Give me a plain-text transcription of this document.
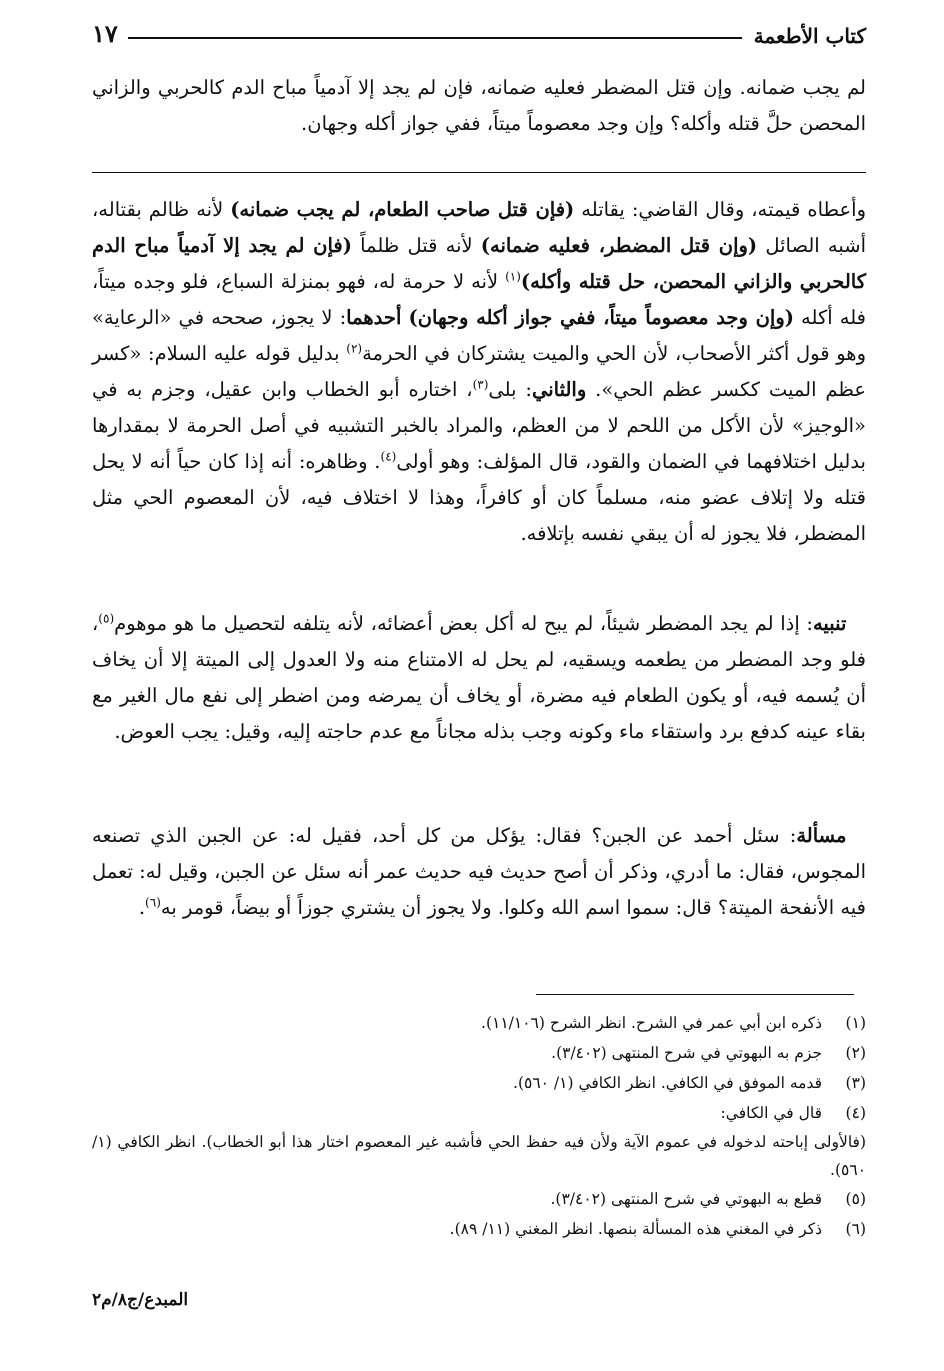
كتاب الأطعمة
١٧

لم يجب ضمانه. وإن قتل المضطر فعليه ضمانه، فإن لم يجد إلا آدمياً مباح الدم كالحربي والزاني المحصن حلَّ قتله وأكله؟ وإن وجد معصوماً ميتاً، ففي جواز أكله وجهان.

وأعطاه قيمته، وقال القاضي: يقاتله (فإن قتل صاحب الطعام، لم يجب ضمانه) لأنه ظالم بقتاله، أشبه الصائل (وإن قتل المضطر، فعليه ضمانه) لأنه قتل ظلماً (فإن لم يجد إلا آدمياً مباح الدم كالحربي والزاني المحصن، حل قتله وأكله)$^{(١)}$ لأنه لا حرمة له، فهو بمنزلة السباع، فلو وجده ميتاً، فله أكله (وإن وجد معصوماً ميتاً، ففي جواز أكله وجهان) أحدهما: لا يجوز، صححه في «الرعاية» وهو قول أكثر الأصحاب، لأن الحي والميت يشتركان في الحرمة$^{(٢)}$ بدليل قوله عليه السلام: «كسر عظم الميت ككسر عظم الحي». والثاني: بلى$^{(٣)}$، اختاره أبو الخطاب وابن عقيل، وجزم به في «الوجيز» لأن الأكل من اللحم لا من العظم، والمراد بالخبر التشبيه في أصل الحرمة لا بمقدارها بدليل اختلافهما في الضمان والقود، قال المؤلف: وهو أولى$^{(٤)}$. وظاهره: أنه إذا كان حياً أنه لا يحل قتله ولا إتلاف عضو منه، مسلماً كان أو كافراً، وهذا لا اختلاف فيه، لأن المعصوم الحي مثل المضطر، فلا يجوز له أن يبقي نفسه بإتلافه.

 تنبيه: إذا لم يجد المضطر شيئاً، لم يبح له أكل بعض أعضائه، لأنه يتلفه لتحصيل ما هو موهوم$^{(٥)}$، فلو وجد المضطر من يطعمه ويسقيه، لم يحل له الامتناع منه ولا العدول إلى الميتة إلا أن يخاف أن يُسمه فيه، أو يكون الطعام فيه مضرة، أو يخاف أن يمرضه ومن اضطر إلى نفع مال الغير مع بقاء عينه كدفع برد واستقاء ماء وكونه وجب بذله مجاناً مع عدم حاجته إليه، وقيل: يجب العوض.

 مسألة: سئل أحمد عن الجبن؟ فقال: يؤكل من كل أحد، فقيل له: عن الجبن الذي تصنعه المجوس، فقال: ما أدري، وذكر أن أصح حديث فيه حديث عمر أنه سئل عن الجبن، وقيل له: تعمل فيه الأنفحة الميتة؟ قال: سموا اسم الله وكلوا. ولا يجوز أن يشتري جوزاً أو بيضاً، قومر به$^{(٦)}$.

(١)
ذكره ابن أبي عمر في الشرح. انظر الشرح (١١/١٠٦).
(٢)
جزم به البهوتي في شرح المنتهى (٣/٤٠٢).
(٣)
قدمه الموفق في الكافي. انظر الكافي (١/ ٥٦٠).
(٤)
قال في الكافي:
(فالأولى إباحته لدخوله في عموم الآية ولأن فيه حفظ الحي فأشبه غير المعصوم اختار هذا أبو الخطاب). انظر الكافي (١/ ٥٦٠).
(٥)
قطع به البهوتي في شرح المنتهى (٣/٤٠٢).
(٦)
ذكر في المغني هذه المسألة بنصها. انظر المغني (١١/ ٨٩).
المبدع/ج٨/م٢
